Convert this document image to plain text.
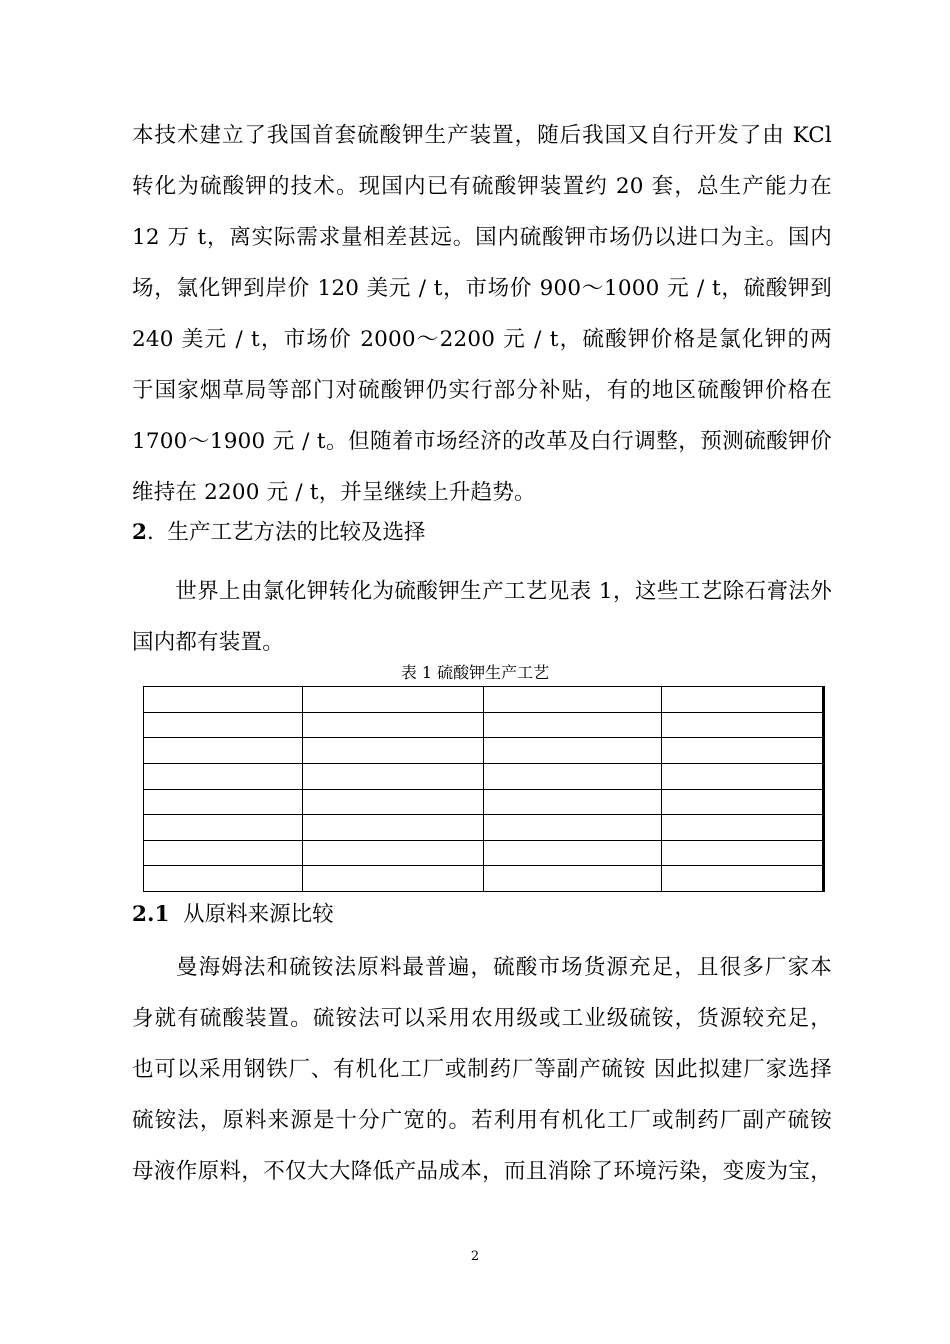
本技术建立了我国首套硫酸钾生产装置，随后我国又自行开发了由 KCl
转化为硫酸钾的技术。现国内已有硫酸钾装置约 20 套，总生产能力在
12 万 t，离实际需求量相差甚远。国内硫酸钾市场仍以进口为主。国内
场，氯化钾到岸价 120 美元 / t，市场价 900～1000 元 / t，硫酸钾到
240 美元 / t，市场价 2000～2200 元 / t，硫酸钾价格是氯化钾的两
于国家烟草局等部门对硫酸钾仍实行部分补贴，有的地区硫酸钾价格在
1700～1900 元 / t。但随着市场经济的改革及白行调整，预测硫酸钾价
维持在 2200 元 / t，并呈继续上升趋势。
2. 生产工艺方法的比较及选择
世界上由氯化钾转化为硫酸钾生产工艺见表 1，这些工艺除石膏法外
国内都有装置。
表 1 硫酸钾生产工艺

2.1 从原料来源比较
曼海姆法和硫铵法原料最普遍，硫酸市场货源充足，且很多厂家本
身就有硫酸装置。硫铵法可以采用农用级或工业级硫铵，货源较充足，
也可以采用钢铁厂、有机化工厂或制药厂等副产硫铵 因此拟建厂家选择
硫铵法，原料来源是十分广宽的。若利用有机化工厂或制药厂副产硫铵
母液作原料，不仅大大降低产品成本，而且消除了环境污染，变废为宝，
2
